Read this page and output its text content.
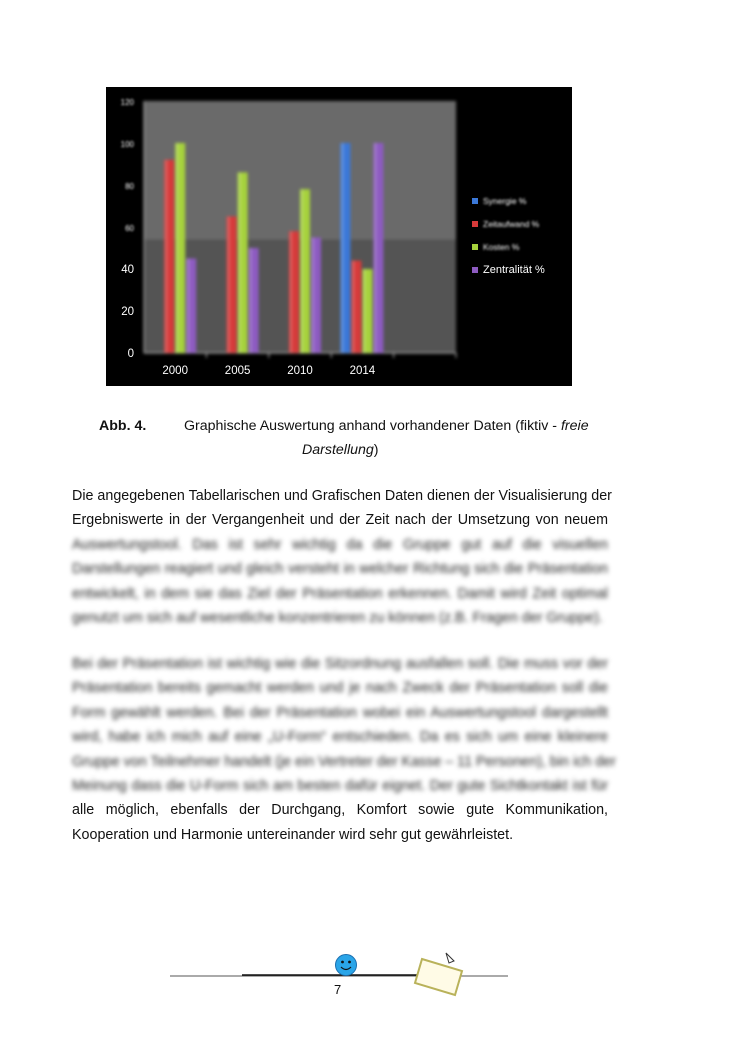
0
20
40
60
80
100
120
2000	2005	2010	2014
Synergie %
Zeitaufwand %
Kosten %
Zentralität %
Abb. 4.	Graphische Auswertung anhand vorhandener Daten (fiktiv - freie
Darstellung)
Die angegebenen Tabellarischen und Grafischen Daten dienen der Visualisierung der
Ergebniswerte in der Vergangenheit und der Zeit nach der Umsetzung von neuem
Auswertungstool. Das ist sehr wichtig da die Gruppe gut auf die visuellen
Darstellungen reagiert und gleich versteht in welcher Richtung sich die Präsentation
entwickelt, in dem sie das Ziel der Präsentation erkennen. Damit wird Zeit optimal
genutzt um sich auf wesentliche konzentrieren zu können (z.B. Fragen der Gruppe).
Bei der Präsentation ist wichtig wie die Sitzordnung ausfallen soll. Die muss vor der
Präsentation bereits gemacht werden und je nach Zweck der Präsentation soll die
Form gewählt werden. Bei der Präsentation wobei ein Auswertungstool dargestellt
wird, habe ich mich auf eine „U-Form“ entschieden. Da es sich um eine kleinere
Gruppe von Teilnehmer handelt (je ein Vertreter der Kasse – 11 Personen), bin ich der
Meinung dass die U-Form sich am besten dafür eignet. Der gute Sichtkontakt ist für
alle möglich, ebenfalls der Durchgang, Komfort sowie gute Kommunikation,
Kooperation und Harmonie untereinander wird sehr gut gewährleistet.
7
